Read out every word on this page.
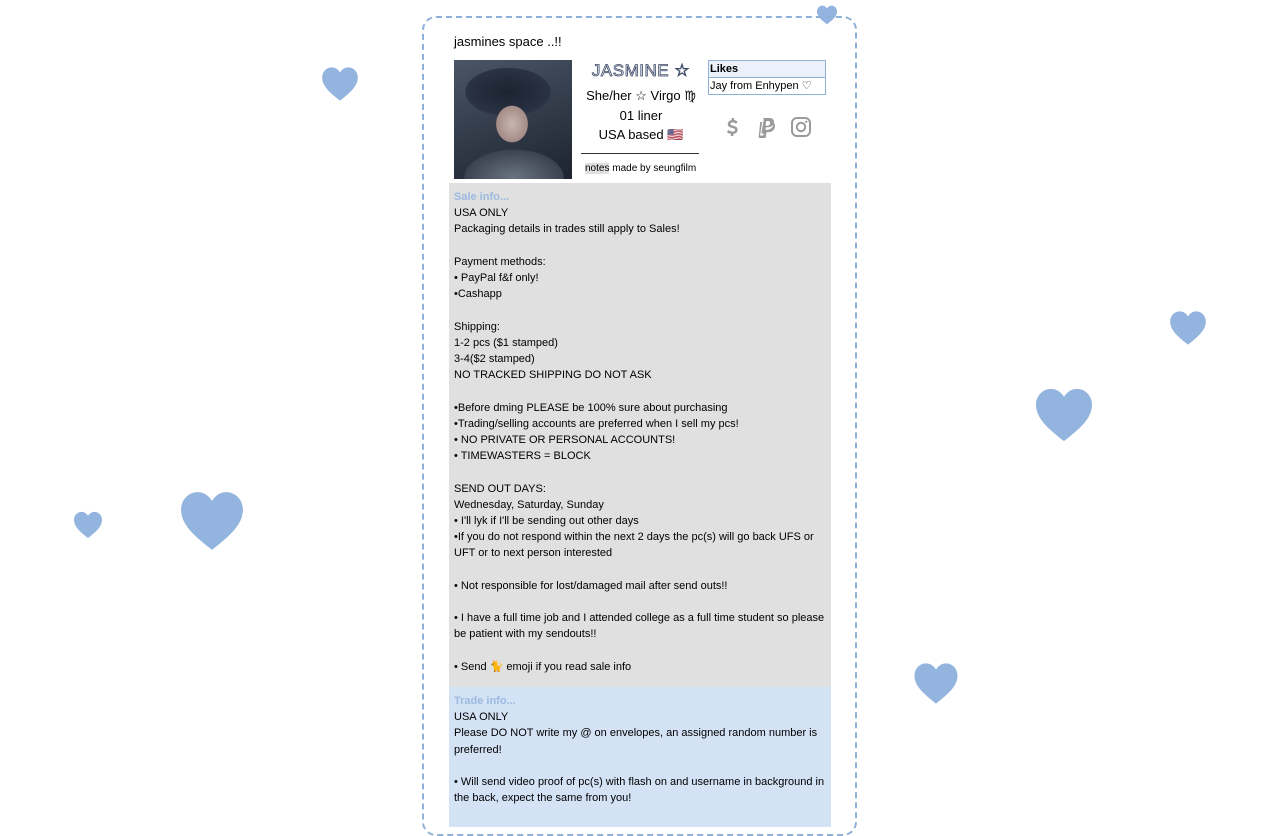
jasmines space ..!!
JASMINE ☆
She/her ☆ Virgo ♍︎
01 liner
USA based 🇺🇸
notes made by seungfilm
Likes
Jay from Enhypen ♡
Sale info...
USA ONLY
Packaging details in trades still apply to Sales!
Payment methods:
• PayPal f&f only!
•Cashapp
Shipping:
1-2 pcs ($1 stamped)
3-4($2 stamped)
NO TRACKED SHIPPING DO NOT ASK
•Before dming PLEASE be 100% sure about purchasing
•Trading/selling accounts are preferred when I sell my pcs!
• NO PRIVATE OR PERSONAL ACCOUNTS!
• TIMEWASTERS = BLOCK
SEND OUT DAYS:
Wednesday, Saturday, Sunday
• I'll lyk if I'll be sending out other days
•If you do not respond within the next 2 days the pc(s) will go back UFS or UFT or to next person interested
• Not responsible for lost/damaged mail after send outs!!
• I have a full time job and I attended college as a full time student so please be patient with my sendouts!!
• Send 🐈 emoji if you read sale info
Trade info...
USA ONLY
Please DO NOT write my @ on envelopes, an assigned random number is preferred!
• Will send video proof of pc(s) with flash on and username in background in the back, expect the same from you!
